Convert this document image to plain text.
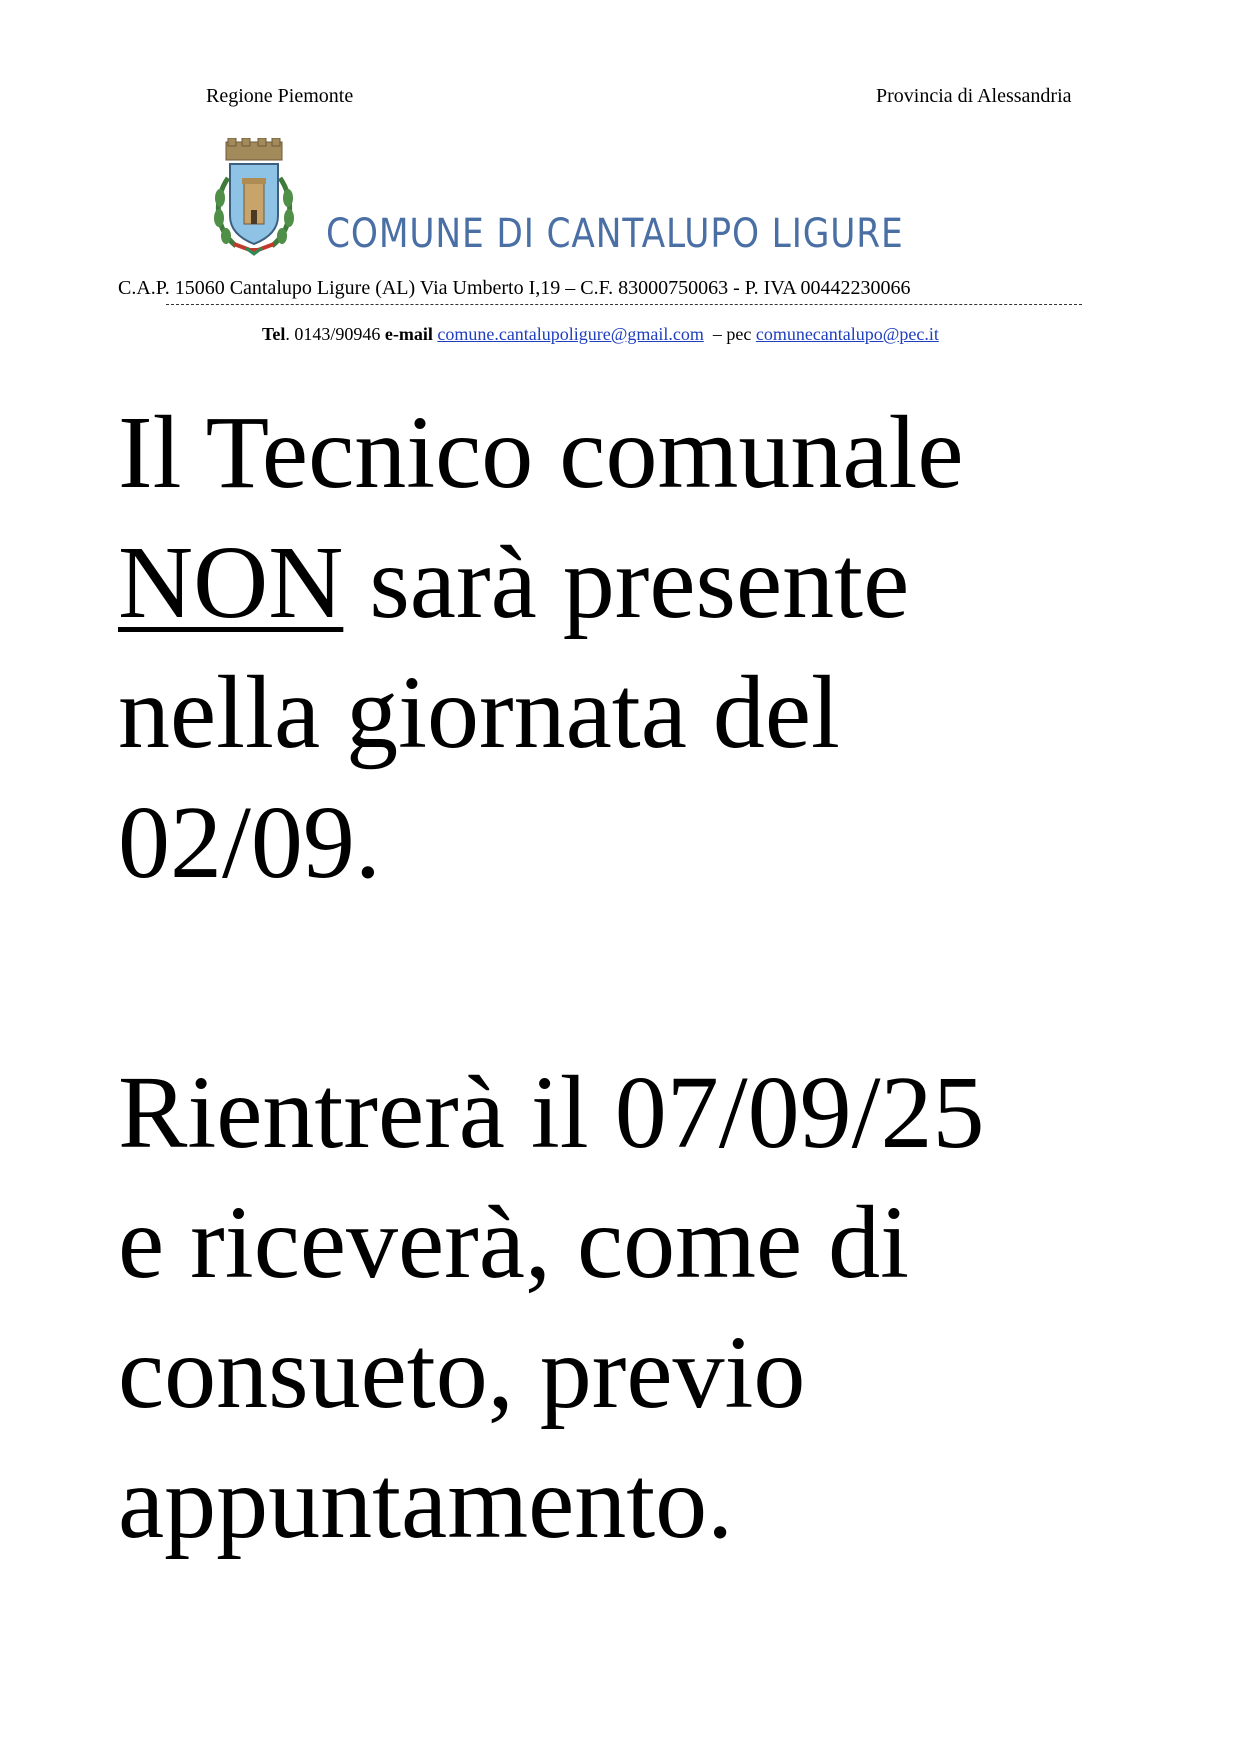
Regione Piemonte	Provincia di Alessandria
COMUNE DI CANTALUPO LIGURE
C.A.P. 15060 Cantalupo Ligure (AL) Via Umberto I,19 – C.F. 83000750063 - P. IVA 00442230066
Tel. 0143/90946 e-mail comune.cantalupoligure@gmail.com  – pec comunecantalupo@pec.it
Il Tecnico comunale
NON sarà presente
nella giornata del
02/09.
Rientrerà il 07/09/25
e riceverà, come di
consueto, previo
appuntamento.
